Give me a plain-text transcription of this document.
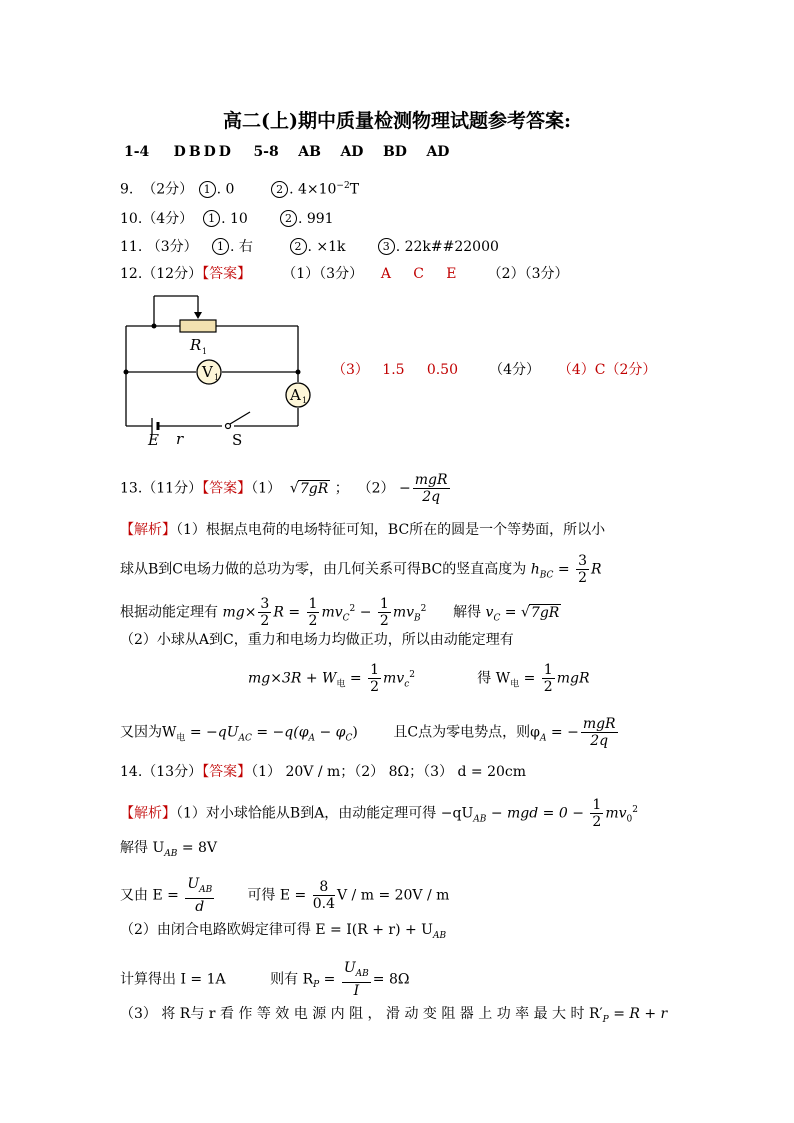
高二(上)期中质量检测物理试题参考答案:
1-4 DBDD 5-8 AB AD BD AD
9. （2分） 1 . 0	2 . $4\times 10^{-2}T$
10.（4分） 1 . 10	2 . 991
11. （3分） 1 . 右	2 . ×1k	3 . 22k##22000
12.（12分）【答案】 （1）（3分） A C E （2）（3分）
V 1
A 1
R 1
E r	S
（3） 1.5 0.50 （4分） （4）C（2分）
13.（11分）【答案】（1） √7gR ； $(2) - \frac{\text{mgR}}{2q}$
【解析】（1）根据点电荷的电场特征可知，BC所在的圆是一个等势面，所以小
球从B到C电场力做的总功为零，由几何关系可得BC的竖直高度为 $h_{BC} = \frac{3}{2}$ R
根据动能定理有 $mg\times \frac{3}{2}$ $R = \frac{1}{2} mv_C^2 - \frac{1}{2} mv_B^2$ 解得 $v_C = √7gR$
（2）小球从A到C，重力和电场力均做正功，所以由动能定理有
$mg\times 3R + W_电 = \frac{1}{2} mv_c^2$	得 $W_电 = \frac{1}{2}$ mgR
又因为$W_电 = -qU_{AC} = -q(\varphi_A - \varphi_C)$	且C点为零电势点，则$\varphi_A$ = − $\frac{\text{mgR}}{2q}$
14.（13分）【答案】（1） 20V / m；（2） 8Ω；（3） d = 20cm
【解析】（1）对小球恰能从B到A，由动能定理可得 $-qU_{AB}$ − mgd = $0 - \frac{1}{2} mv_0^2$
解得 $U_{AB} = 8V$
又由 $E = \frac{U_{AB}}{d}$ 可得 $E = \frac{8}{0.4}$ V / m = 20V / m
（2）由闭合电路欧姆定律可得 $E = I(R + r) + U_{AB}$
计算得出 I = 1A	则有 $R_P = \frac{U_{AB}}{I} = 8\Omega$
（3） 将 R与 r 看 作 等 效 电 源 内 阻 ， 滑 动 变 阻 器 上 功 率 最 大 时 $R'_P = R + r$
